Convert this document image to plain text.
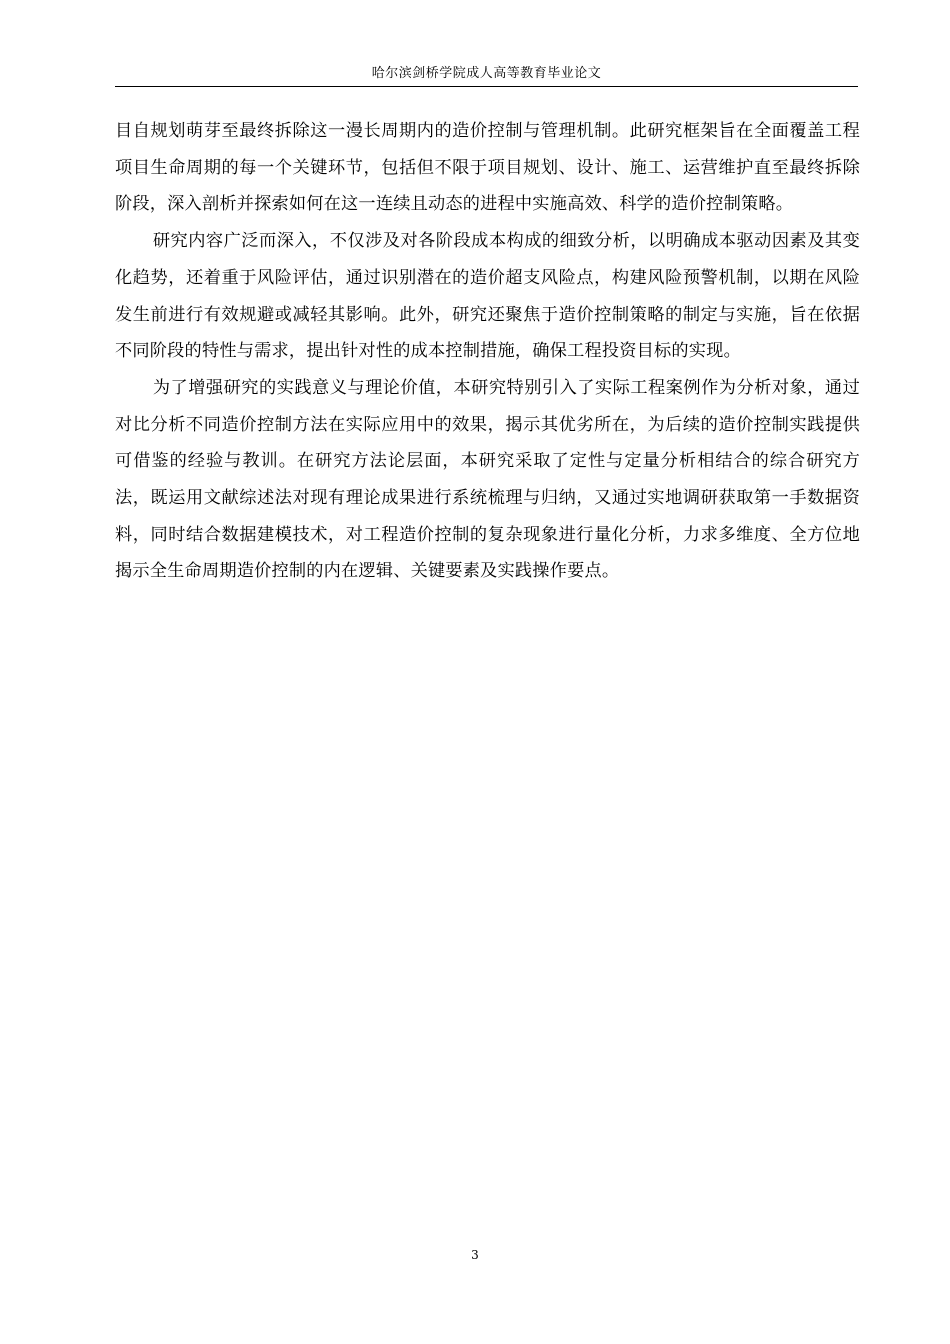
哈尔滨剑桥学院成人高等教育毕业论文

目自规划萌芽至最终拆除这一漫长周期内的造价控制与管理机制。此研究框架旨在全面覆盖工程项目生命周期的每一个关键环节，包括但不限于项目规划、设计、施工、运营维护直至最终拆除阶段，深入剖析并探索如何在这一连续且动态的进程中实施高效、科学的造价控制策略。

研究内容广泛而深入，不仅涉及对各阶段成本构成的细致分析，以明确成本驱动因素及其变化趋势，还着重于风险评估，通过识别潜在的造价超支风险点，构建风险预警机制，以期在风险发生前进行有效规避或减轻其影响。此外，研究还聚焦于造价控制策略的制定与实施，旨在依据不同阶段的特性与需求，提出针对性的成本控制措施，确保工程投资目标的实现。

为了增强研究的实践意义与理论价值，本研究特别引入了实际工程案例作为分析对象，通过对比分析不同造价控制方法在实际应用中的效果，揭示其优劣所在，为后续的造价控制实践提供可借鉴的经验与教训。在研究方法论层面，本研究采取了定性与定量分析相结合的综合研究方法，既运用文献综述法对现有理论成果进行系统梳理与归纳，又通过实地调研获取第一手数据资料，同时结合数据建模技术，对工程造价控制的复杂现象进行量化分析，力求多维度、全方位地揭示全生命周期造价控制的内在逻辑、关键要素及实践操作要点。

3
